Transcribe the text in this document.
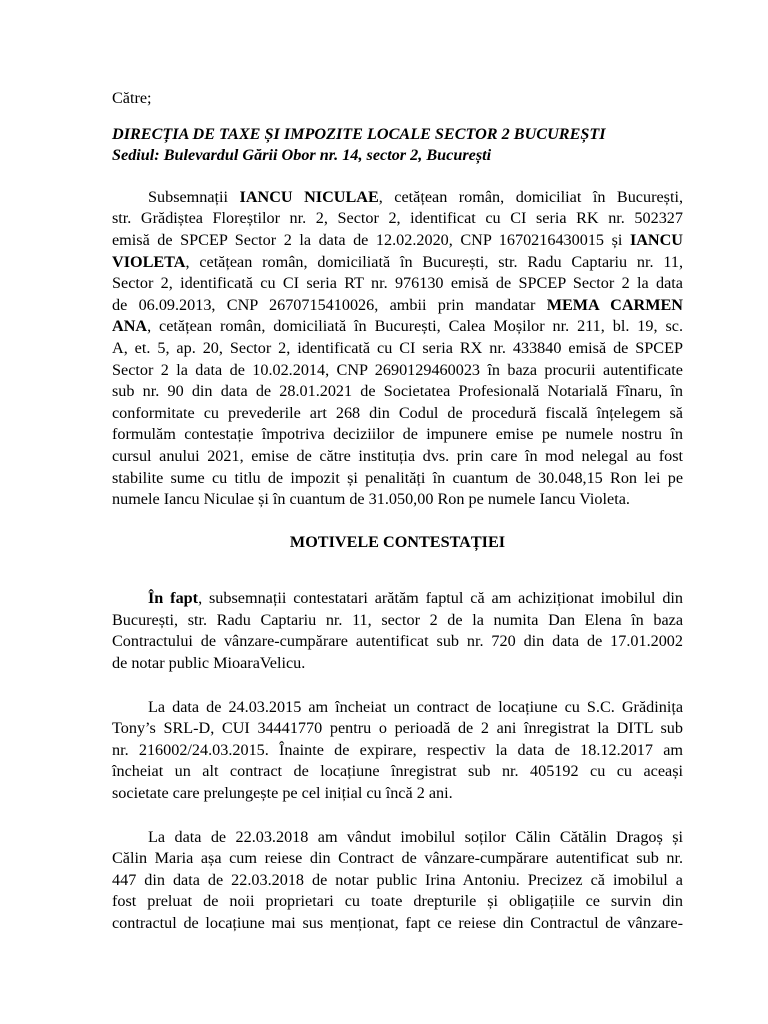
Către;
DIRECȚIA DE TAXE ȘI IMPOZITE LOCALE SECTOR 2 BUCUREȘTI
Sediul: Bulevardul Gării Obor nr. 14, sector 2, București
Subsemnații IANCU NICULAE, cetățean român, domiciliat în București,
str. Grădiștea Floreștilor nr. 2, Sector 2, identificat cu CI seria RK nr. 502327
emisă de SPCEP Sector 2 la data de 12.02.2020, CNP 1670216430015 și IANCU
VIOLETA, cetățean român, domiciliată în București, str. Radu Captariu nr. 11,
Sector 2, identificată cu CI seria RT nr. 976130 emisă de SPCEP Sector 2 la data
de 06.09.2013, CNP 2670715410026, ambii prin mandatar MEMA CARMEN
ANA, cetățean român, domiciliată în București, Calea Moșilor nr. 211, bl. 19, sc.
A, et. 5, ap. 20, Sector 2, identificată cu CI seria RX nr. 433840 emisă de SPCEP
Sector 2 la data de 10.02.2014, CNP 2690129460023 în baza procurii autentificate
sub nr. 90 din data de 28.01.2021 de Societatea Profesională Notarială Fînaru, în
conformitate cu prevederile art 268 din Codul de procedură fiscală înțelegem să
formulăm contestație împotriva deciziilor de impunere emise pe numele nostru în
cursul anului 2021, emise de către instituția dvs. prin care în mod nelegal au fost
stabilite sume cu titlu de impozit și penalități în cuantum de 30.048,15 Ron lei pe
numele Iancu Niculae și în cuantum de 31.050,00 Ron pe numele Iancu Violeta.
MOTIVELE CONTESTAȚIEI
În fapt, subsemnații contestatari arătăm faptul că am achiziționat imobilul din
București, str. Radu Captariu nr. 11, sector 2 de la numita Dan Elena în baza
Contractului de vânzare-cumpărare autentificat sub nr. 720 din data de 17.01.2002
de notar public MioaraVelicu.
La data de 24.03.2015 am încheiat un contract de locațiune cu S.C. Grădinița
Tony’s SRL-D, CUI 34441770 pentru o perioadă de 2 ani înregistrat la DITL sub
nr. 216002/24.03.2015. Înainte de expirare, respectiv la data de 18.12.2017 am
încheiat un alt contract de locațiune înregistrat sub nr. 405192 cu cu aceași
societate care prelungește pe cel inițial cu încă 2 ani.
La data de 22.03.2018 am vândut imobilul soților Călin Cătălin Dragoș și
Călin Maria așa cum reiese din Contract de vânzare-cumpărare autentificat sub nr.
447 din data de 22.03.2018 de notar public Irina Antoniu. Precizez că imobilul a
fost preluat de noii proprietari cu toate drepturile și obligațiile ce survin din
contractul de locațiune mai sus menționat, fapt ce reiese din Contractul de vânzare-
